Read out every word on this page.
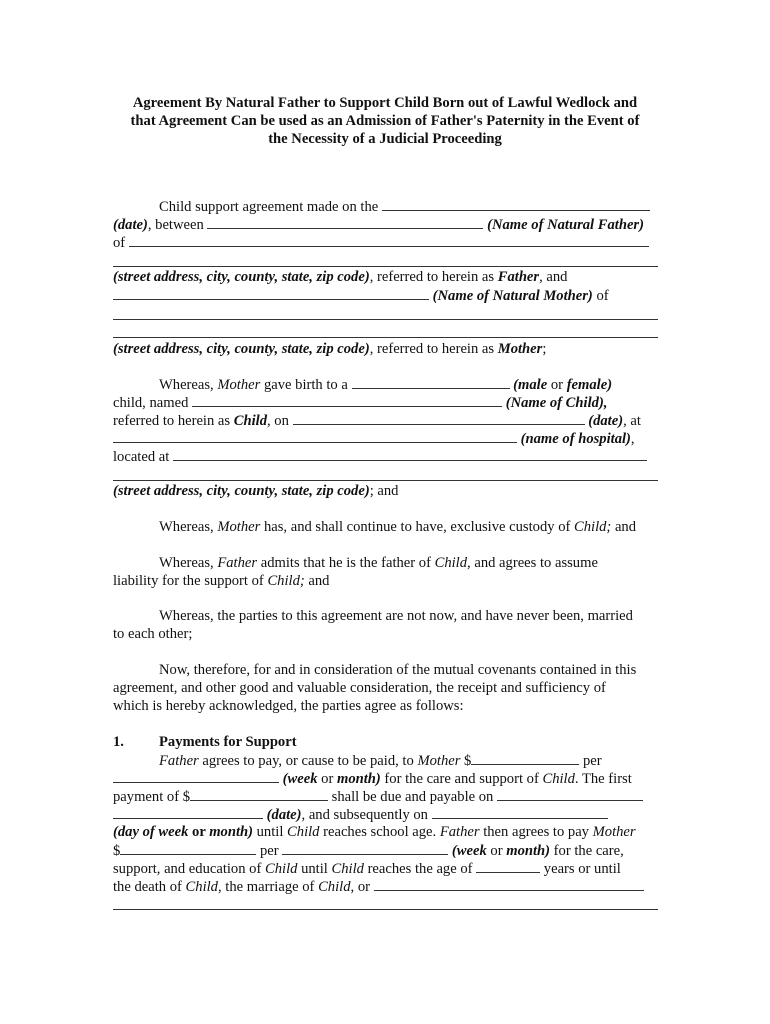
Agreement By Natural Father to Support Child Born out of Lawful Wedlock and
that Agreement Can be used as an Admission of Father's Paternity in the Event of
the Necessity of a Judicial Proceeding
Child support agreement made on the
(date), between	(Name of Natural Father)
of
(street address, city, county, state, zip code), referred to herein as Father, and
(Name of Natural Mother) of
(street address, city, county, state, zip code), referred to herein as Mother;
Whereas, Mother gave birth to a	(male or female)
child, named	(Name of Child),
referred to herein as Child, on	(date), at
(name of hospital),
located at
(street address, city, county, state, zip code); and
Whereas, Mother has, and shall continue to have, exclusive custody of Child; and
Whereas, Father admits that he is the father of Child, and agrees to assume
liability for the support of Child; and
Whereas, the parties to this agreement are not now, and have never been, married
to each other;
Now, therefore, for and in consideration of the mutual covenants contained in this
agreement, and other good and valuable consideration, the receipt and sufficiency of
which is hereby acknowledged, the parties agree as follows:
1. Payments for Support
Father agrees to pay, or cause to be paid, to Mother $	per
(week or month) for the care and support of Child. The first
payment of $	shall be due and payable on
(date), and subsequently on
(day of week or month) until Child reaches school age. Father then agrees to pay Mother
$	per	(week or month) for the care,
support, and education of Child until Child reaches the age of	years or until
the death of Child, the marriage of Child, or
